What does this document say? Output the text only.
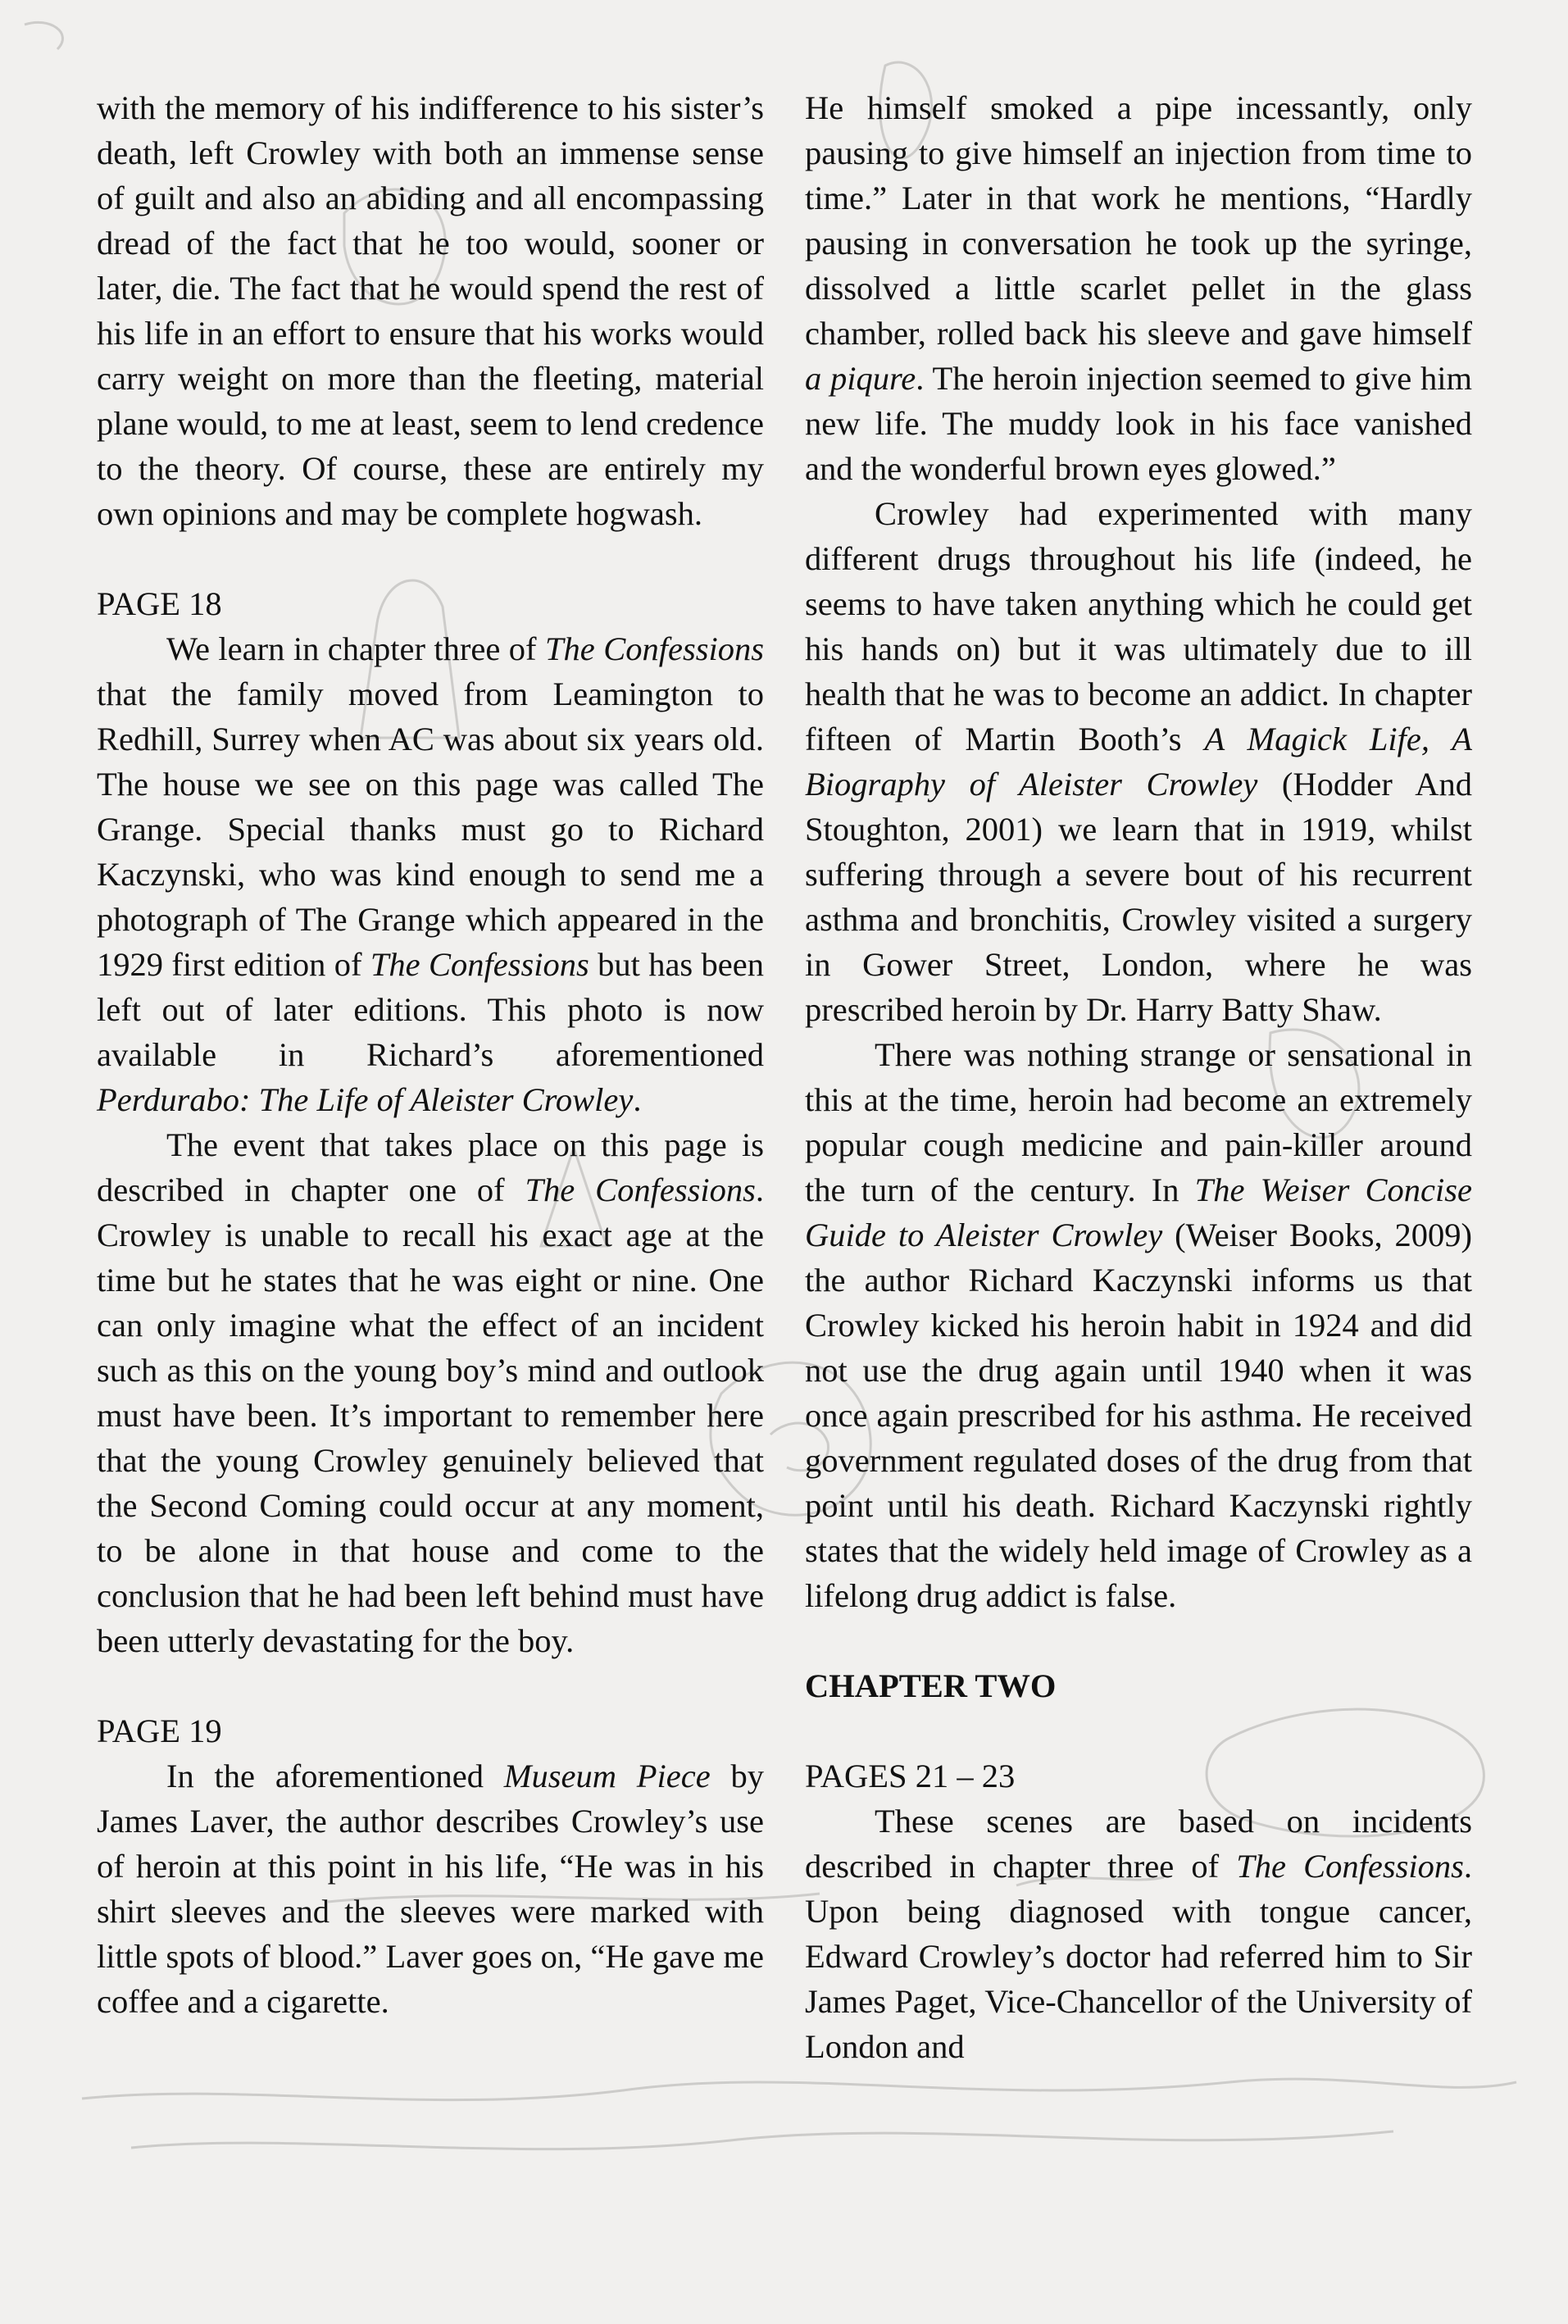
with the memory of his indifference to his sister’s death, left Crowley with both an immense sense of guilt and also an abiding and all encompassing dread of the fact that he too would, sooner or later, die. The fact that he would spend the rest of his life in an effort to ensure that his works would carry weight on more than the fleeting, material plane would, to me at least, seem to lend credence to the theory. Of course, these are entirely my own opinions and may be complete hogwash.

PAGE 18

We learn in chapter three of The Confessions that the family moved from Leamington to Redhill, Surrey when AC was about six years old. The house we see on this page was called The Grange. Special thanks must go to Richard Kaczynski, who was kind enough to send me a photograph of The Grange which appeared in the 1929 first edition of The Confessions but has been left out of later editions. This photo is now available in Richard’s aforementioned Perdurabo: The Life of Aleister Crowley.

The event that takes place on this page is described in chapter one of The Confessions. Crowley is unable to recall his exact age at the time but he states that he was eight or nine. One can only imagine what the effect of an incident such as this on the young boy’s mind and outlook must have been. It’s important to remember here that the young Crowley genuinely believed that the Second Coming could occur at any moment, to be alone in that house and come to the conclusion that he had been left behind must have been utterly devastating for the boy.

PAGE 19

In the aforementioned Museum Piece by James Laver, the author describes Crowley’s use of heroin at this point in his life, “He was in his shirt sleeves and the sleeves were marked with little spots of blood.” Laver goes on, “He gave me coffee and a cigarette.

He himself smoked a pipe incessantly, only pausing to give himself an injection from time to time.” Later in that work he mentions, “Hardly pausing in conversation he took up the syringe, dissolved a little scarlet pellet in the glass chamber, rolled back his sleeve and gave himself a piqure. The heroin injection seemed to give him new life. The muddy look in his face vanished and the wonderful brown eyes glowed.”

Crowley had experimented with many different drugs throughout his life (indeed, he seems to have taken anything which he could get his hands on) but it was ultimately due to ill health that he was to become an addict. In chapter fifteen of Martin Booth’s A Magick Life, A Biography of Aleister Crowley (Hodder And Stoughton, 2001) we learn that in 1919, whilst suffering through a severe bout of his recurrent asthma and bronchitis, Crowley visited a surgery in Gower Street, London, where he was prescribed heroin by Dr. Harry Batty Shaw.

There was nothing strange or sensational in this at the time, heroin had become an extremely popular cough medicine and pain-killer around the turn of the century. In The Weiser Concise Guide to Aleister Crowley (Weiser Books, 2009) the author Richard Kaczynski informs us that Crowley kicked his heroin habit in 1924 and did not use the drug again until 1940 when it was once again prescribed for his asthma. He received government regulated doses of the drug from that point until his death. Richard Kaczynski rightly states that the widely held image of Crowley as a lifelong drug addict is false.

CHAPTER TWO
PAGES 21 – 23

These scenes are based on incidents described in chapter three of The Confessions. Upon being diagnosed with tongue cancer, Edward Crowley’s doctor had referred him to Sir James Paget, Vice-Chancellor of the University of London and
